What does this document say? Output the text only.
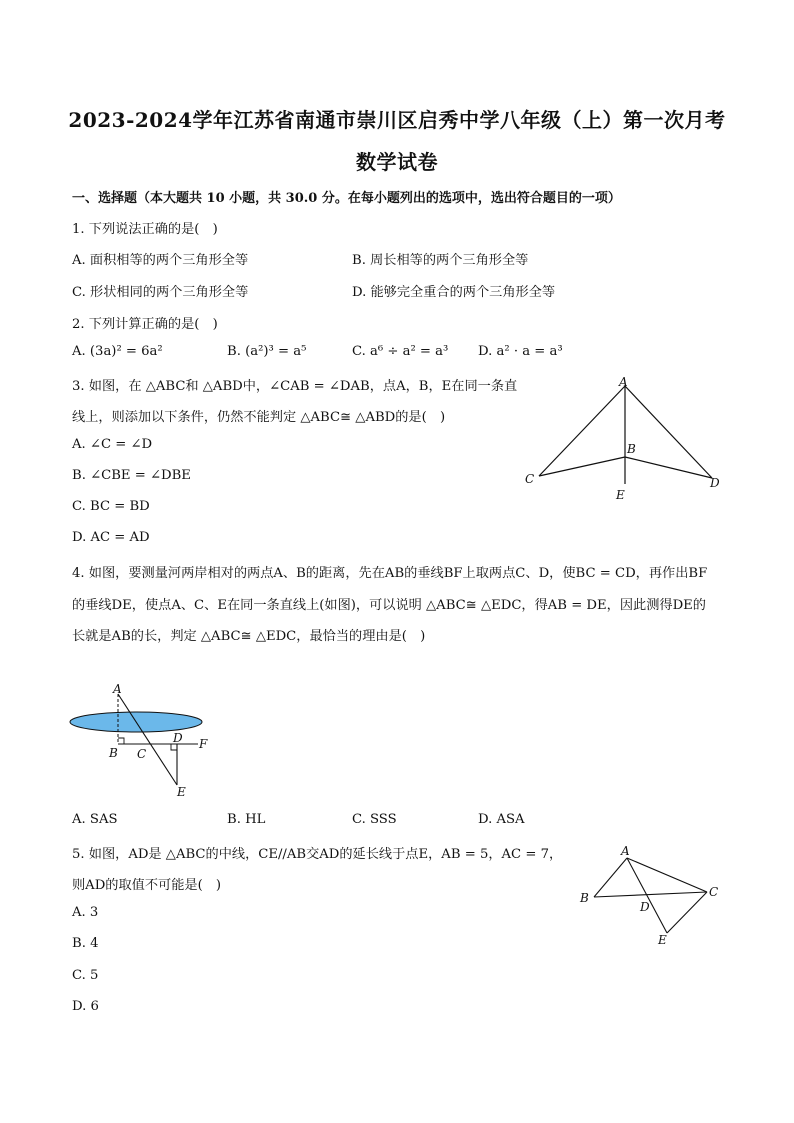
2023-2024学年江苏省南通市崇川区启秀中学八年级（上）第一次月考
数学试卷
一、选择题（本大题共 10 小题，共 30.0 分。在每小题列出的选项中，选出符合题目的一项）
1. 下列说法正确的是(　)
A. 面积相等的两个三角形全等	B. 周长相等的两个三角形全等
C. 形状相同的两个三角形全等	D. 能够完全重合的两个三角形全等
2. 下列计算正确的是(　)
A. (3a)² = 6a²	B. (a²)³ = a⁵	C. a⁶ ÷ a² = a³ D. a² · a = a³
3. 如图，在 △ABC和 △ABD中，∠CAB = ∠DAB，点A，B，E在同一条直
线上，则添加以下条件，仍然不能判定 △ABC≅ △ABD的是(　)
A. ∠C = ∠D
B. ∠CBE = ∠DBE
C. BC = BD
D. AC = AD
A
B
C	D
E
4. 如图，要测量河两岸相对的两点A、B的距离，先在AB的垂线BF上取两点C、D，使BC = CD，再作出BF
的垂线DE，使点A、C、E在同一条直线上(如图)，可以说明 △ABC≅ △EDC，得AB = DE，因此测得DE的
长就是AB的长，判定 △ABC≅ △EDC，最恰当的理由是(　)
A
B C
D F
E
A. SAS	B. HL	C. SSS	D. ASA
5. 如图，AD是 △ABC的中线，CE//AB交AD的延长线于点E，AB = 5，AC = 7，
则AD的取值不可能是(　)
A. 3
B. 4
C. 5
D. 6
A
B	C
D
E
